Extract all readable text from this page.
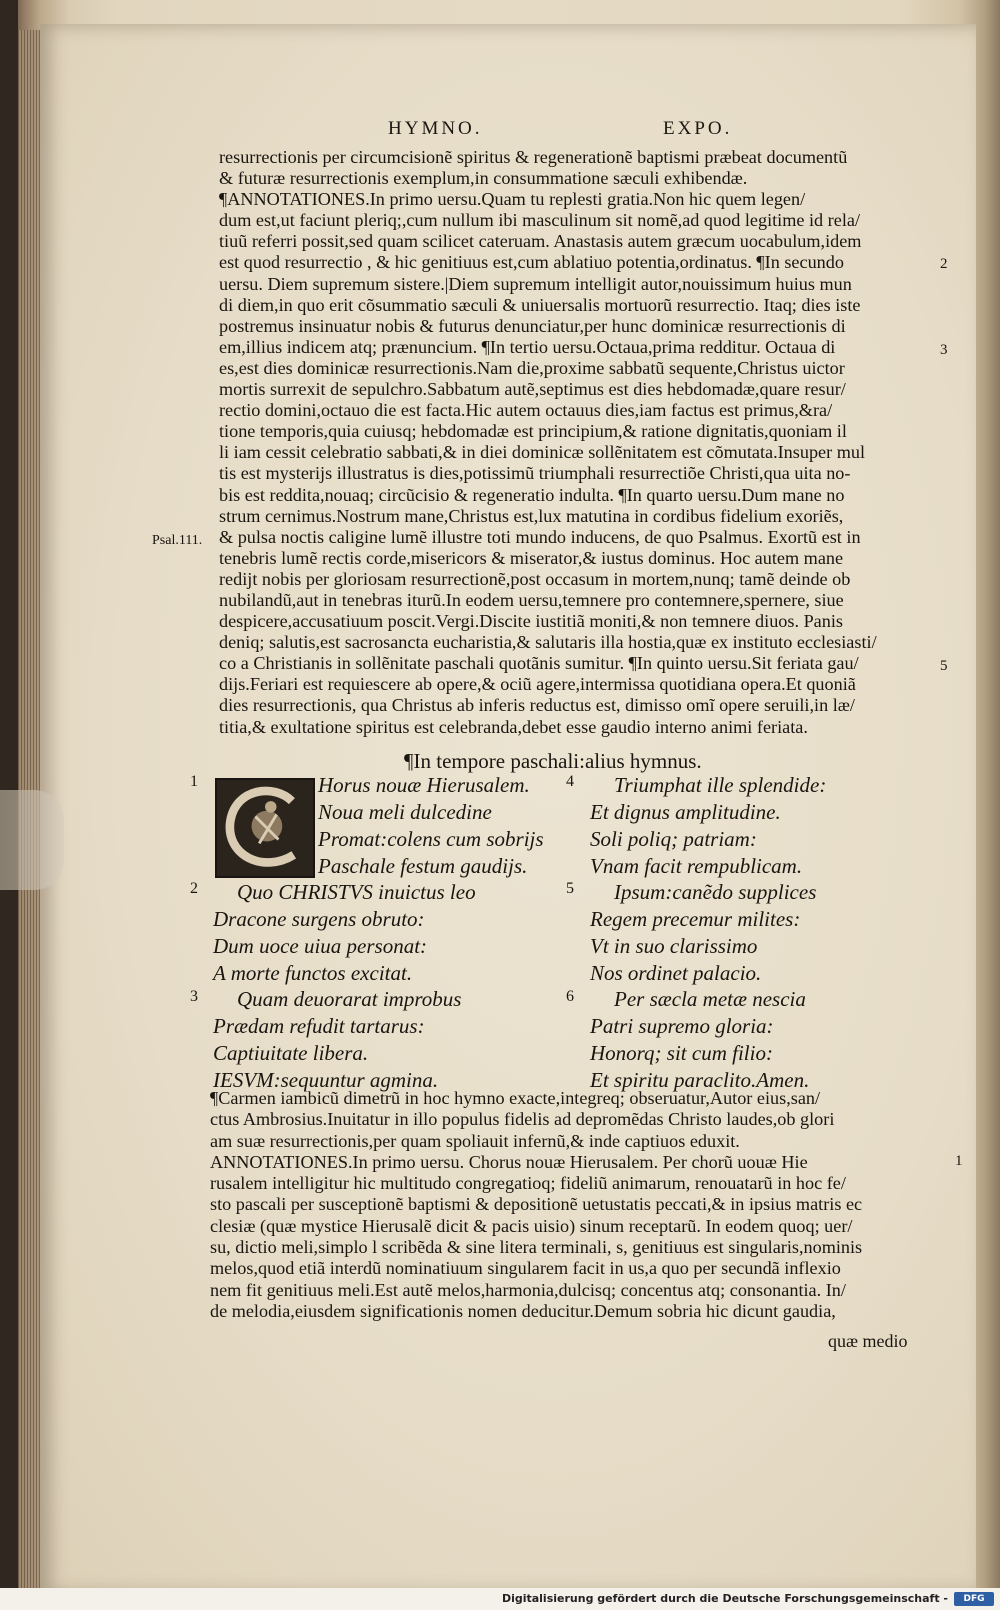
HYMNO.	EXPO.
resurrectionis per circumcisionẽ spiritus & regenerationẽ baptismi præbeat documentũ
& futuræ resurrectionis exemplum,in consummatione sæculi exhibendæ.
¶ANNOTATIONES.In primo uersu.Quam tu replesti gratia.Non hic quem legen/
dum est,ut faciunt pleriq;,cum nullum ibi masculinum sit nomẽ,ad quod legitime id rela/
tiuũ referri possit,sed quam scilicet cateruam. Anastasis autem græcum uocabulum,idem
est quod resurrectio , & hic genitiuus est,cum ablatiuo potentia,ordinatus. ¶In secundo
uersu. Diem supremum sistere.|Diem supremum intelligit autor,nouissimum huius mun
di diem,in quo erit cõsummatio sæculi & uniuersalis mortuorũ resurrectio. Itaq; dies iste
postremus insinuatur nobis & futurus denunciatur,per hunc dominicæ resurrectionis di
em,illius indicem atq; prænuncium. ¶In tertio uersu.Octaua,prima redditur. Octaua di
es,est dies dominicæ resurrectionis.Nam die,proxime sabbatũ sequente,Christus uictor
mortis surrexit de sepulchro.Sabbatum autẽ,septimus est dies hebdomadæ,quare resur/
rectio domini,octauo die est facta.Hic autem octauus dies,iam factus est primus,&ra/
tione temporis,quia cuiusq; hebdomadæ est principium,& ratione dignitatis,quoniam il
li iam cessit celebratio sabbati,& in diei dominicæ sollẽnitatem est cõmutata.Insuper mul
tis est mysterijs illustratus is dies,potissimũ triumphali resurrectiõe Christi,qua uita no-
bis est reddita,nouaq; circũcisio & regeneratio indulta. ¶In quarto uersu.Dum mane no
strum cernimus.Nostrum mane,Christus est,lux matutina in cordibus fidelium exoriẽs,
& pulsa noctis caligine lumẽ illustre toti mundo inducens, de quo Psalmus. Exortũ est in
tenebris lumẽ rectis corde,misericors & miserator,& iustus dominus. Hoc autem mane
redijt nobis per gloriosam resurrectionẽ,post occasum in mortem,nunq; tamẽ deinde ob
nubilandũ,aut in tenebras iturũ.In eodem uersu,temnere pro contemnere,spernere, siue
despicere,accusatiuum poscit.Vergi.Discite iustitiã moniti,& non temnere diuos. Panis
deniq; salutis,est sacrosancta eucharistia,& salutaris illa hostia,quæ ex instituto ecclesiasti/
co a Christianis in sollẽnitate paschali quotãnis sumitur. ¶In quinto uersu.Sit feriata gau/
dijs.Feriari est requiescere ab opere,& ociũ agere,intermissa quotidiana opera.Et quoniã
dies resurrectionis, qua Christus ab inferis reductus est, dimisso omĩ opere seruili,in læ/
titia,& exultatione spiritus est celebranda,debet esse gaudio interno animi feriata.
2
3
Psal.111.
5
¶In tempore paschali:alius hymnus.
1
2
3
4
5
6
Horus nouæ Hierusalem.
Noua meli dulcedine
Promat:colens cum sobrijs
Paschale festum gaudijs.
Quo CHRISTVS inuictus leo
Dracone surgens obruto:
Dum uoce uiua personat:
A morte functos excitat.
Quam deuorarat improbus
Prædam refudit tartarus:
Captiuitate libera.
IESVM:sequuntur agmina.
Triumphat ille splendide:
Et dignus amplitudine.
Soli poliq; patriam:
Vnam facit rempublicam.
Ipsum:canẽdo supplices
Regem precemur milites:
Vt in suo clarissimo
Nos ordinet palacio.
Per sæcla metæ nescia
Patri supremo gloria:
Honorq; sit cum filio:
Et spiritu paraclito.Amen.
¶Carmen iambicũ dimetrũ in hoc hymno exacte,integreq; obseruatur,Autor eius,san/
ctus Ambrosius.Inuitatur in illo populus fidelis ad depromẽdas Christo laudes,ob glori
am suæ resurrectionis,per quam spoliauit infernũ,& inde captiuos eduxit.
ANNOTATIONES.In primo uersu. Chorus nouæ Hierusalem. Per chorũ uouæ Hie
rusalem intelligitur hic multitudo congregatioq; fideliũ animarum, renouatarũ in hoc fe/
sto pascali per susceptionẽ baptismi & depositionẽ uetustatis peccati,& in ipsius matris ec
clesiæ (quæ mystice Hierusalẽ dicit & pacis uisio) sinum receptarũ. In eodem quoq; uer/
su, dictio meli,simplo l scribẽda & sine litera terminali, s, genitiuus est singularis,nominis
melos,quod etiã interdũ nominatiuum singularem facit in us,a quo per secundã inflexio
nem fit genitiuus meli.Est autẽ melos,harmonia,dulcisq; concentus atq; consonantia. In/
de melodia,eiusdem significationis nomen deducitur.Demum sobria hic dicunt gaudia,
1
quæ medio
Digitalisierung gefördert durch die Deutsche Forschungsgemeinschaft -	DFG
